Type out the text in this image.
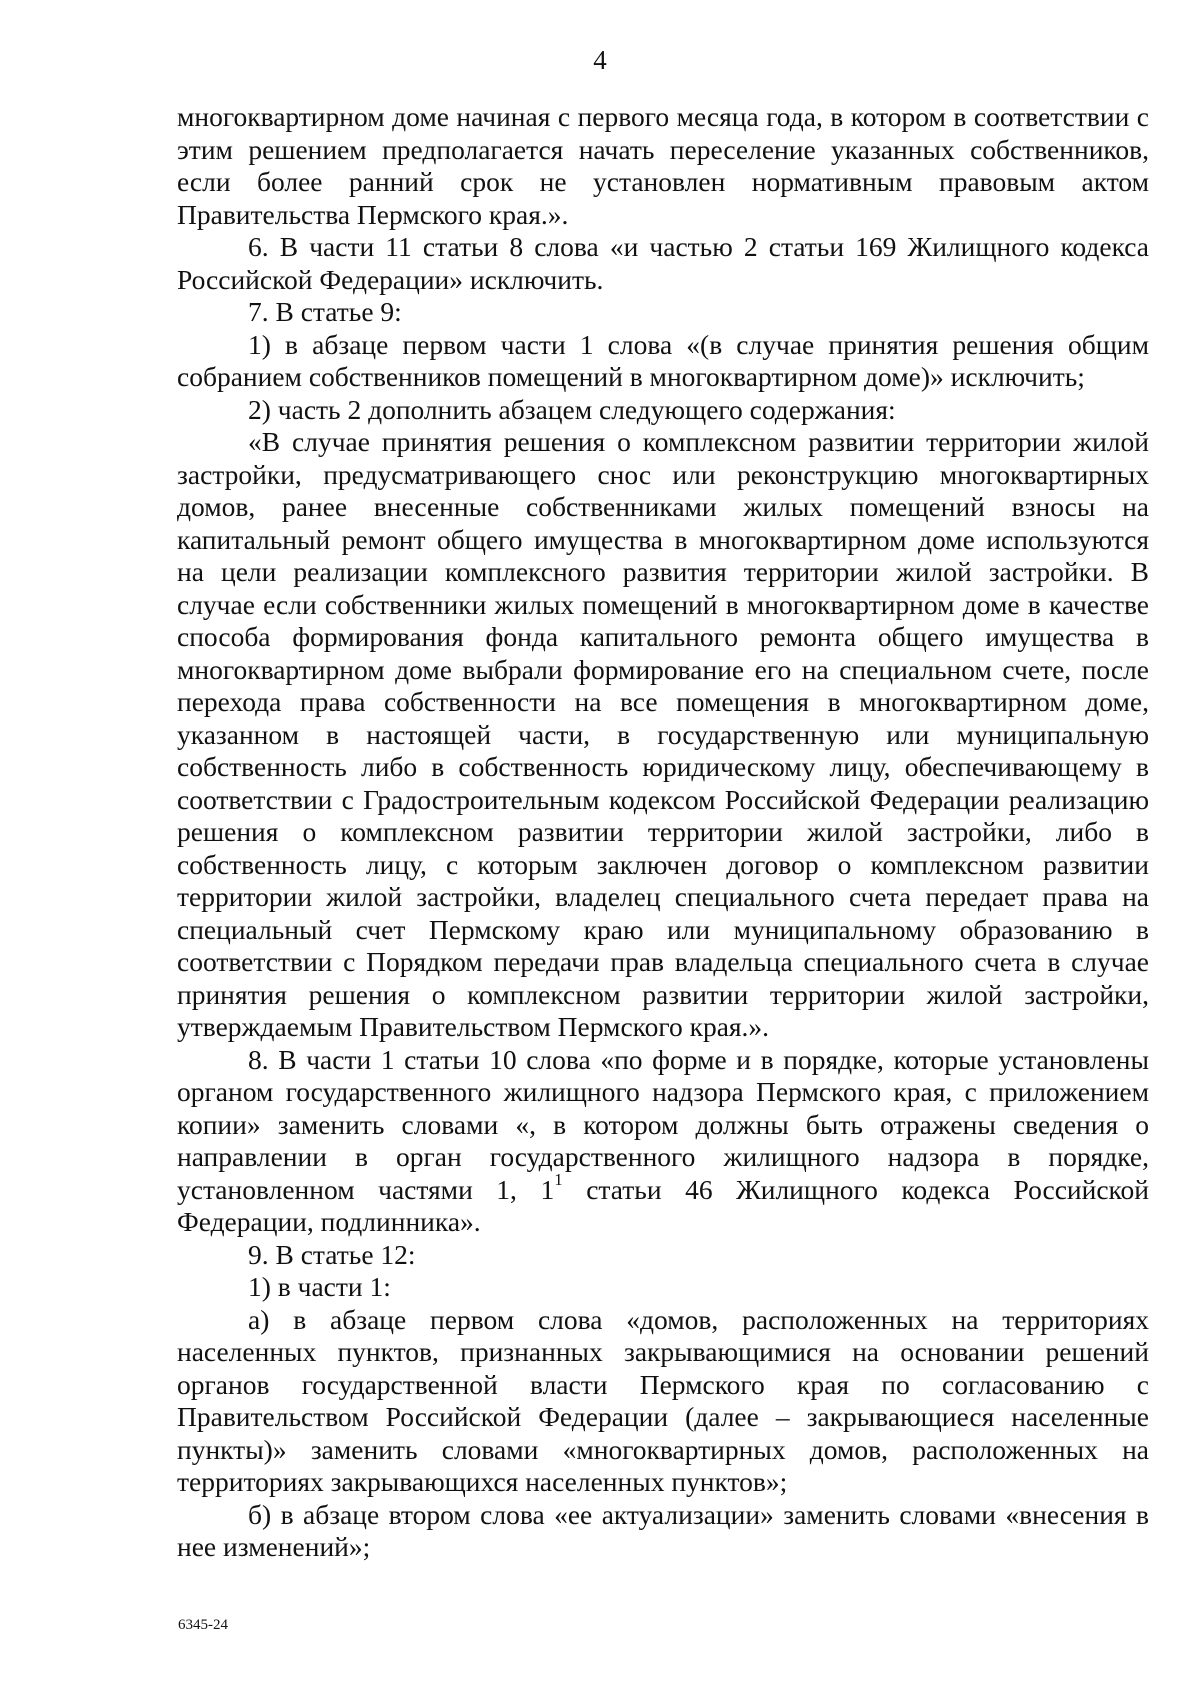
4

многоквартирном доме начиная с первого месяца года, в котором в соответствии с этим решением предполагается начать переселение указанных собственников, если более ранний срок не установлен нормативным правовым актом Правительства Пермского края.».

6. В части 11 статьи 8 слова «и частью 2 статьи 169 Жилищного кодекса Российской Федерации» исключить.

7. В статье 9:

1) в абзаце первом части 1 слова «(в случае принятия решения общим собранием собственников помещений в многоквартирном доме)» исключить;

2) часть 2 дополнить абзацем следующего содержания:

«В случае принятия решения о комплексном развитии территории жилой застройки, предусматривающего снос или реконструкцию многоквартирных домов, ранее внесенные собственниками жилых помещений взносы на капитальный ремонт общего имущества в многоквартирном доме используются на цели реализации комплексного развития территории жилой застройки. В случае если собственники жилых помещений в многоквартирном доме в качестве способа формирования фонда капитального ремонта общего имущества в многоквартирном доме выбрали формирование его на специальном счете, после перехода права собственности на все помещения в многоквартирном доме, указанном в настоящей части, в государственную или муниципальную собственность либо в собственность юридическому лицу, обеспечивающему в соответствии с Градостроительным кодексом Российской Федерации реализацию решения о комплексном развитии территории жилой застройки, либо в собственность лицу, с которым заключен договор о комплексном развитии территории жилой застройки, владелец специального счета передает права на специальный счет Пермскому краю или муниципальному образованию в соответствии с Порядком передачи прав владельца специального счета в случае принятия решения о комплексном развитии территории жилой застройки, утверждаемым Правительством Пермского края.».

8. В части 1 статьи 10 слова «по форме и в порядке, которые установлены органом государственного жилищного надзора Пермского края, с приложением копии» заменить словами «, в котором должны быть отражены сведения о направлении в орган государственного жилищного надзора в порядке, установленном частями 1, $1^1$ статьи 46 Жилищного кодекса Российской Федерации, подлинника».

9. В статье 12:

1) в части 1:

а) в абзаце первом слова «домов, расположенных на территориях населенных пунктов, признанных закрывающимися на основании решений органов государственной власти Пермского края по согласованию с Правительством Российской Федерации (далее – закрывающиеся населенные пункты)» заменить словами «многоквартирных домов, расположенных на территориях закрывающихся населенных пунктов»;

б) в абзаце втором слова «ее актуализации» заменить словами «внесения в нее изменений»;

6345-24
